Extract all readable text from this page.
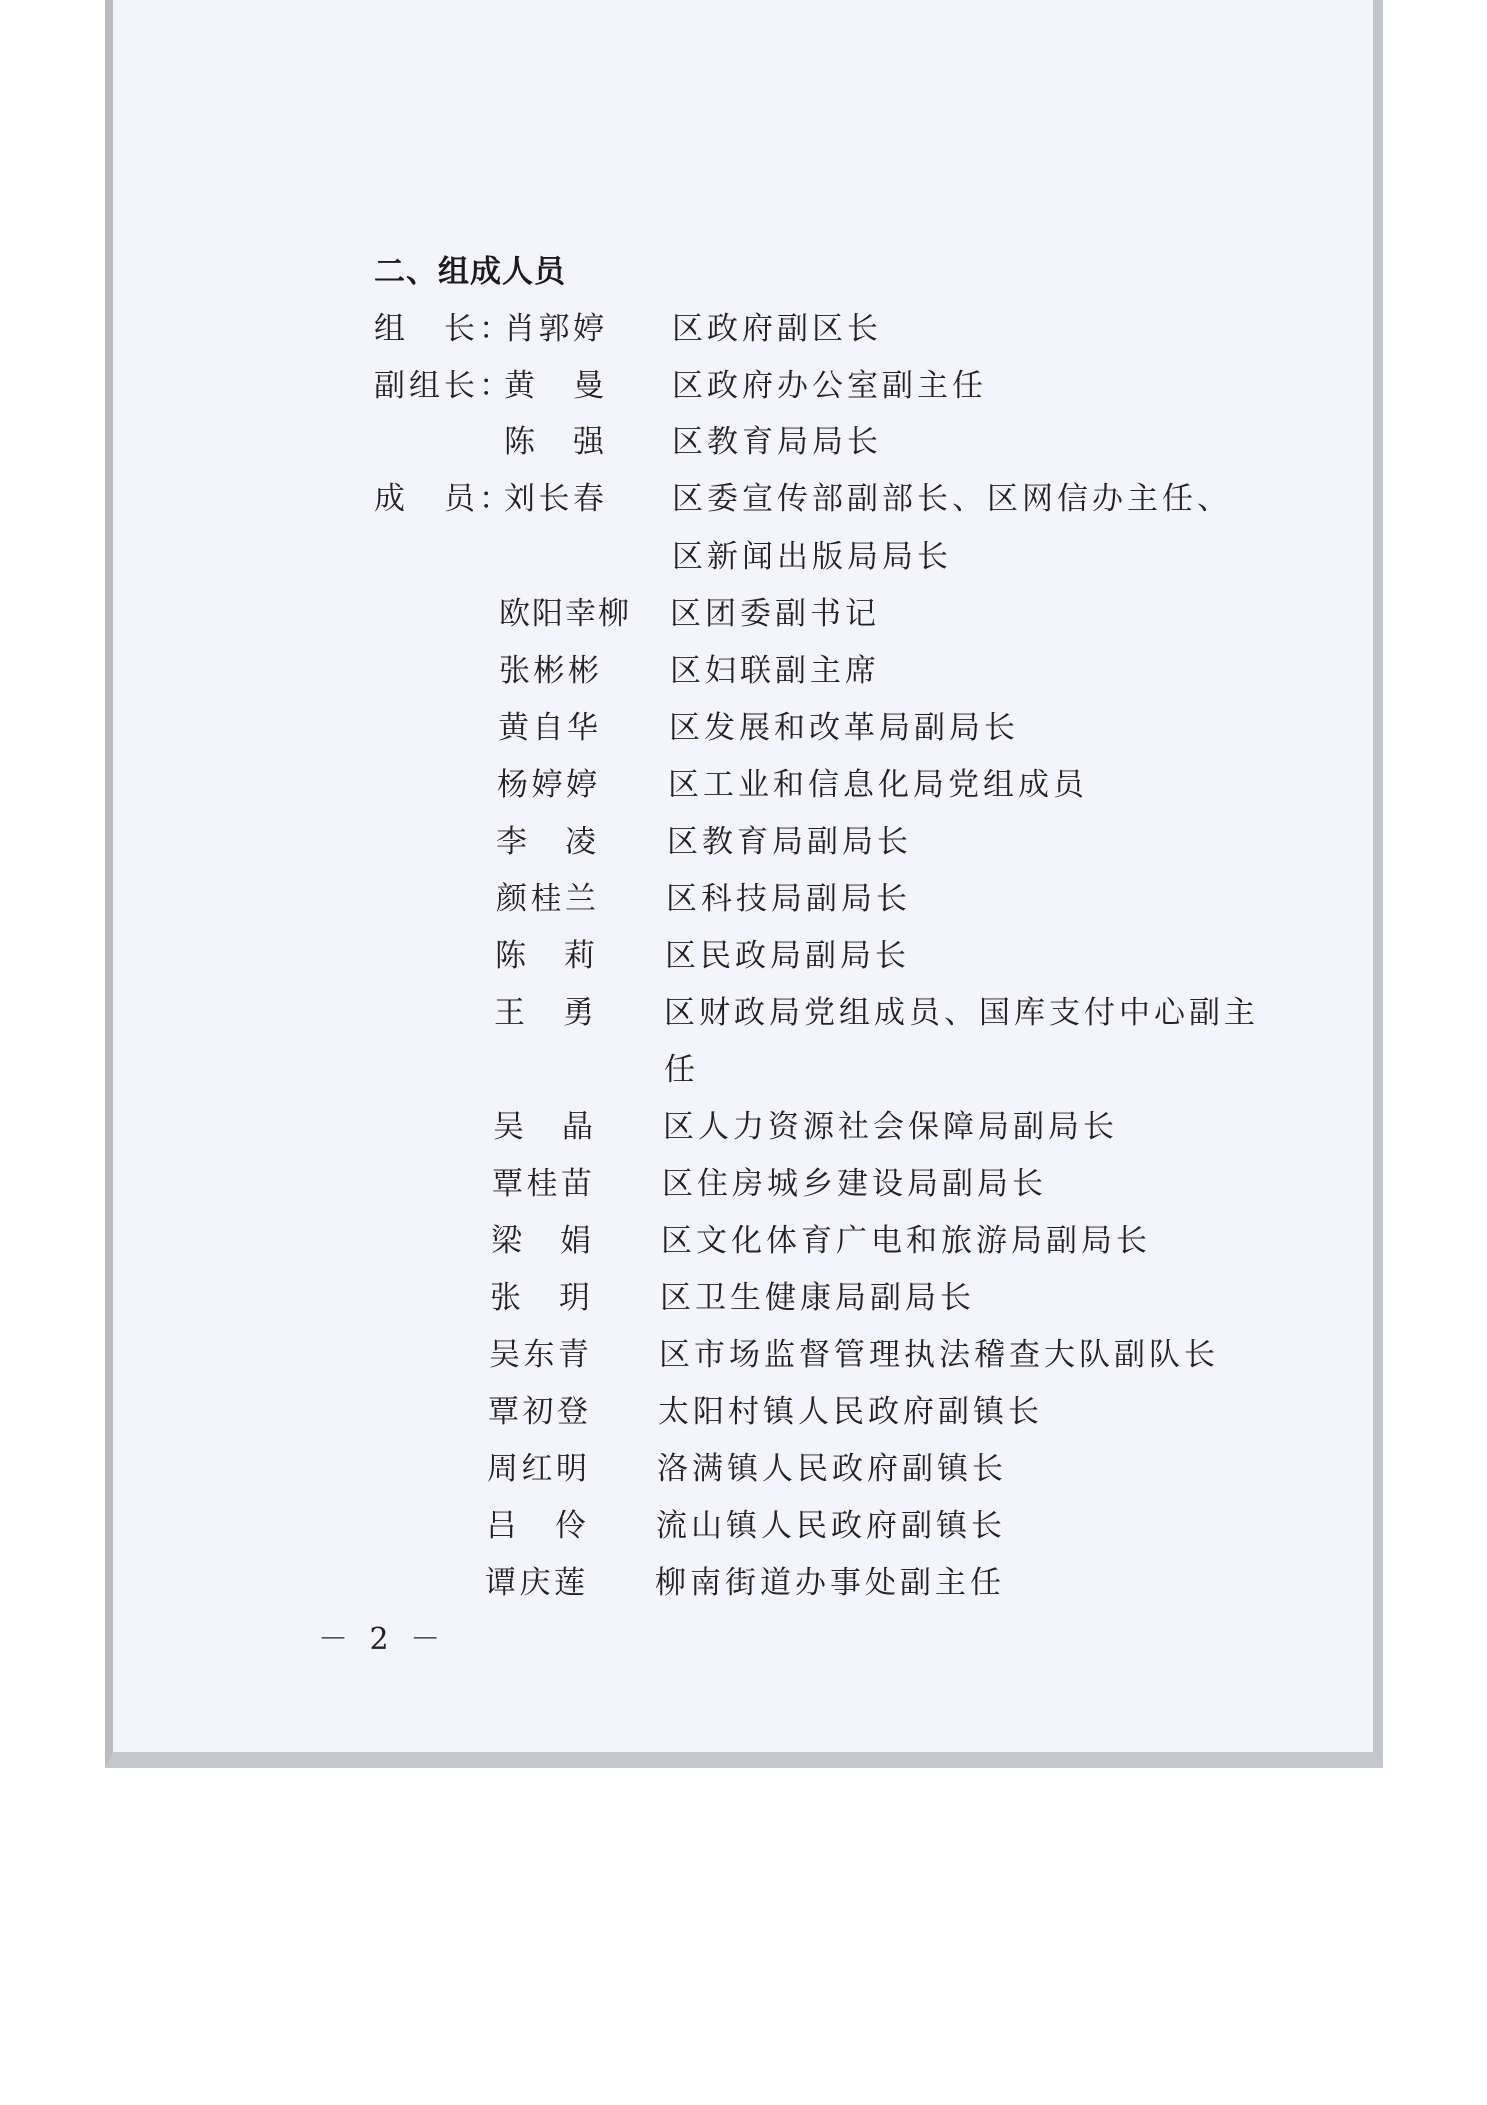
二、组成人员
组　长：
肖郭婷 区政府副区长
副组长：
黄　曼 区政府办公室副主任
陈　强 区教育局局长
成　员：
刘长春 区委宣传部副部长、区网信办主任、
区新闻出版局局长
欧阳幸柳 区团委副书记
张彬彬 区妇联副主席
黄自华 区发展和改革局副局长
杨婷婷 区工业和信息化局党组成员
李　凌 区教育局副局长
颜桂兰 区科技局副局长
陈　莉 区民政局副局长
王　勇 区财政局党组成员、国库支付中心副主
任
吴　晶 区人力资源社会保障局副局长
覃桂苗 区住房城乡建设局副局长
梁　娟 区文化体育广电和旅游局副局长
张　玥 区卫生健康局副局长
吴东青 区市场监督管理执法稽查大队副队长
覃初登 太阳村镇人民政府副镇长
周红明 洛满镇人民政府副镇长
吕　伶 流山镇人民政府副镇长
谭庆莲 柳南街道办事处副主任
－ 2 －
